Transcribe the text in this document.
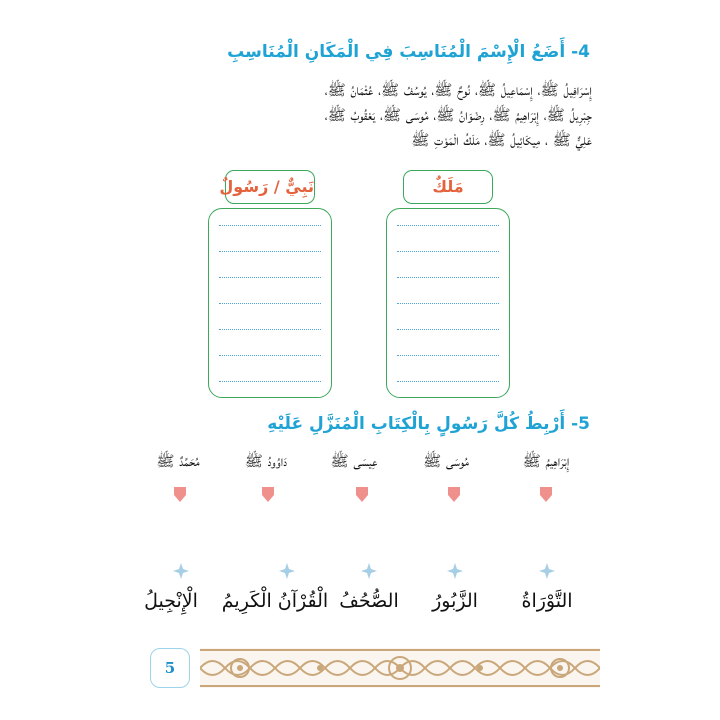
4- أَضَعُ الْإِسْمَ الْمُنَاسِبَ فِي الْمَكَانِ الْمُنَاسِبِ
إِسْرَافِيلُ ﷺ، إِسْمَاعِيلُ ﷺ، نُوحٌ ﷺ، يُوسُفُ ﷺ، عُثْمَانُ ﷺ،
جِبْرِيلُ ﷺ، إِبْرَاهِيمُ ﷺ، رِضْوَانُ ﷺ، مُوسَى ﷺ، يَعْقُوبُ ﷺ،
عَلِيٌّ ﷺ ، مِيكَائِيلُ ﷺ، مَلَكُ الْمَوْتِ ﷺ
مَلَكٌ
نَبِيٌّ / رَسُولٌ
5- أَرْبِطُ كُلَّ رَسُولٍ بِالْكِتَابِ الْمُنَزَّلِ عَلَيْهِ
إِبْرَاهِيمُ ﷺ
مُوسَى ﷺ
عِيسَى ﷺ
دَاوُودُ ﷺ
مُحَمَّدٌ ﷺ
التَّوْرَاةُ
الزَّبُورُ
الصُّحُفُ
الْقُرْآنُ الْكَرِيمُ
الْإِنْجِيلُ
5
